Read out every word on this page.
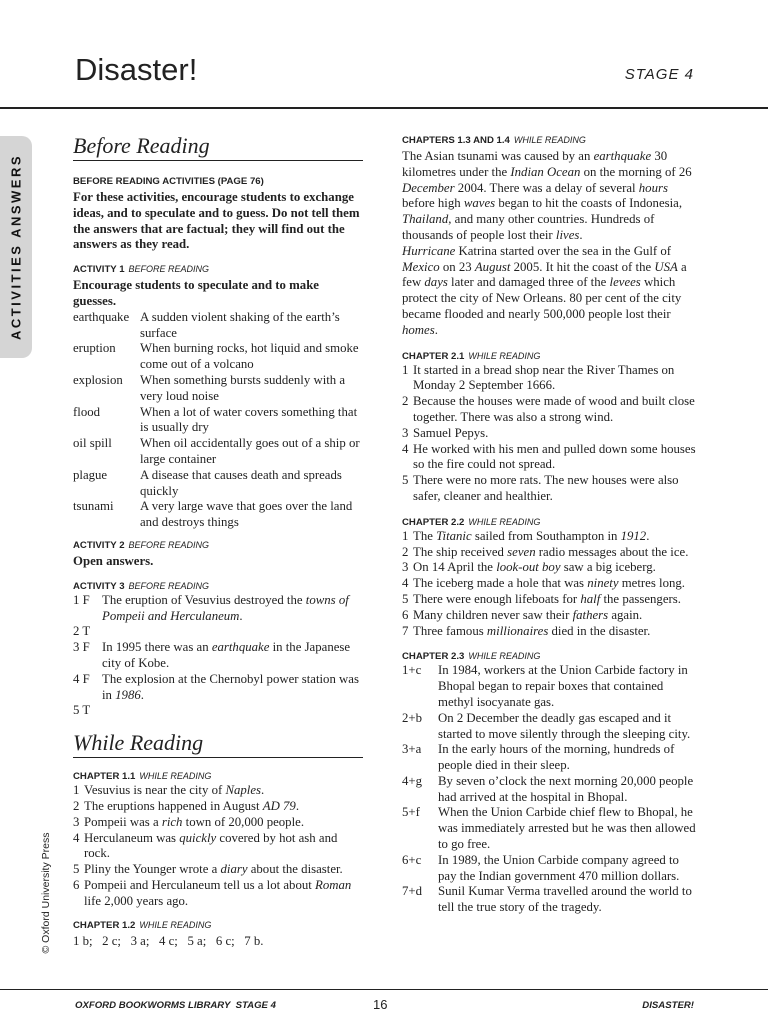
Disaster!	STAGE 4
ACTIVITIES ANSWERS
© Oxford University Press
Before Reading
BEFORE READING ACTIVITIES (PAGE 76)
For these activities, encourage students to exchange ideas, and to speculate and to guess. Do not tell them the answers that are factual; they will find out the answers as they read.
ACTIVITY 1 BEFORE READING
Encourage students to speculate and to make guesses.
earthquake A sudden violent shaking of the earth’s surface
eruption	When burning rocks, hot liquid and smoke come out of a volcano
explosion	When something bursts suddenly with a very loud noise
flood	When a lot of water covers something that is usually dry
oil spill	When oil accidentally goes out of a ship or large container
plague	A disease that causes death and spreads quickly
tsunami	A very large wave that goes over the land and destroys things
ACTIVITY 2 BEFORE READING
Open answers.
ACTIVITY 3 BEFORE READING
1 F The eruption of Vesuvius destroyed the towns of Pompeii and Herculaneum.
2 T
3 F In 1995 there was an earthquake in the Japanese city of Kobe.
4 F The explosion at the Chernobyl power station was in 1986.
5 T
While Reading
CHAPTER 1.1 WHILE READING
1 Vesuvius is near the city of Naples.
2 The eruptions happened in August AD 79.
3 Pompeii was a rich town of 20,000 people.
4 Herculaneum was quickly covered by hot ash and rock.
5 Pliny the Younger wrote a diary about the disaster.
6 Pompeii and Herculaneum tell us a lot about Roman life 2,000 years ago.
CHAPTER 1.2 WHILE READING
1 b;   2 c;   3 a;   4 c;   5 a;   6 c;   7 b.
CHAPTERS 1.3 AND 1.4 WHILE READING
The Asian tsunami was caused by an earthquake 30 kilometres under the Indian Ocean on the morning of 26 December 2004. There was a delay of several hours before high waves began to hit the coasts of Indonesia, Thailand, and many other countries. Hundreds of thousands of people lost their lives.
Hurricane Katrina started over the sea in the Gulf of Mexico on 23 August 2005. It hit the coast of the USA a few days later and damaged three of the levees which protect the city of New Orleans. 80 per cent of the city became flooded and nearly 500,000 people lost their homes.
CHAPTER 2.1 WHILE READING
1 It started in a bread shop near the River Thames on Monday 2 September 1666.
2 Because the houses were made of wood and built close together. There was also a strong wind.
3 Samuel Pepys.
4 He worked with his men and pulled down some houses so the fire could not spread.
5 There were no more rats. The new houses were also safer, cleaner and healthier.
CHAPTER 2.2 WHILE READING
1 The Titanic sailed from Southampton in 1912.
2 The ship received seven radio messages about the ice.
3 On 14 April the look-out boy saw a big iceberg.
4 The iceberg made a hole that was ninety metres long.
5 There were enough lifeboats for half the passengers.
6 Many children never saw their fathers again.
7 Three famous millionaires died in the disaster.
CHAPTER 2.3 WHILE READING
1+c	In 1984, workers at the Union Carbide factory in Bhopal began to repair boxes that contained methyl isocyanate gas.
2+b	On 2 December the deadly gas escaped and it started to move silently through the sleeping city.
3+a	In the early hours of the morning, hundreds of people died in their sleep.
4+g	By seven o’clock the next morning 20,000 people had arrived at the hospital in Bhopal.
5+f	When the Union Carbide chief flew to Bhopal, he was immediately arrested but he was then allowed to go free.
6+c	In 1989, the Union Carbide company agreed to pay the Indian government 470 million dollars.
7+d	Sunil Kumar Verma travelled around the world to tell the true story of the tragedy.
OXFORD BOOKWORMS LIBRARY  STAGE 4	16	DISASTER!
